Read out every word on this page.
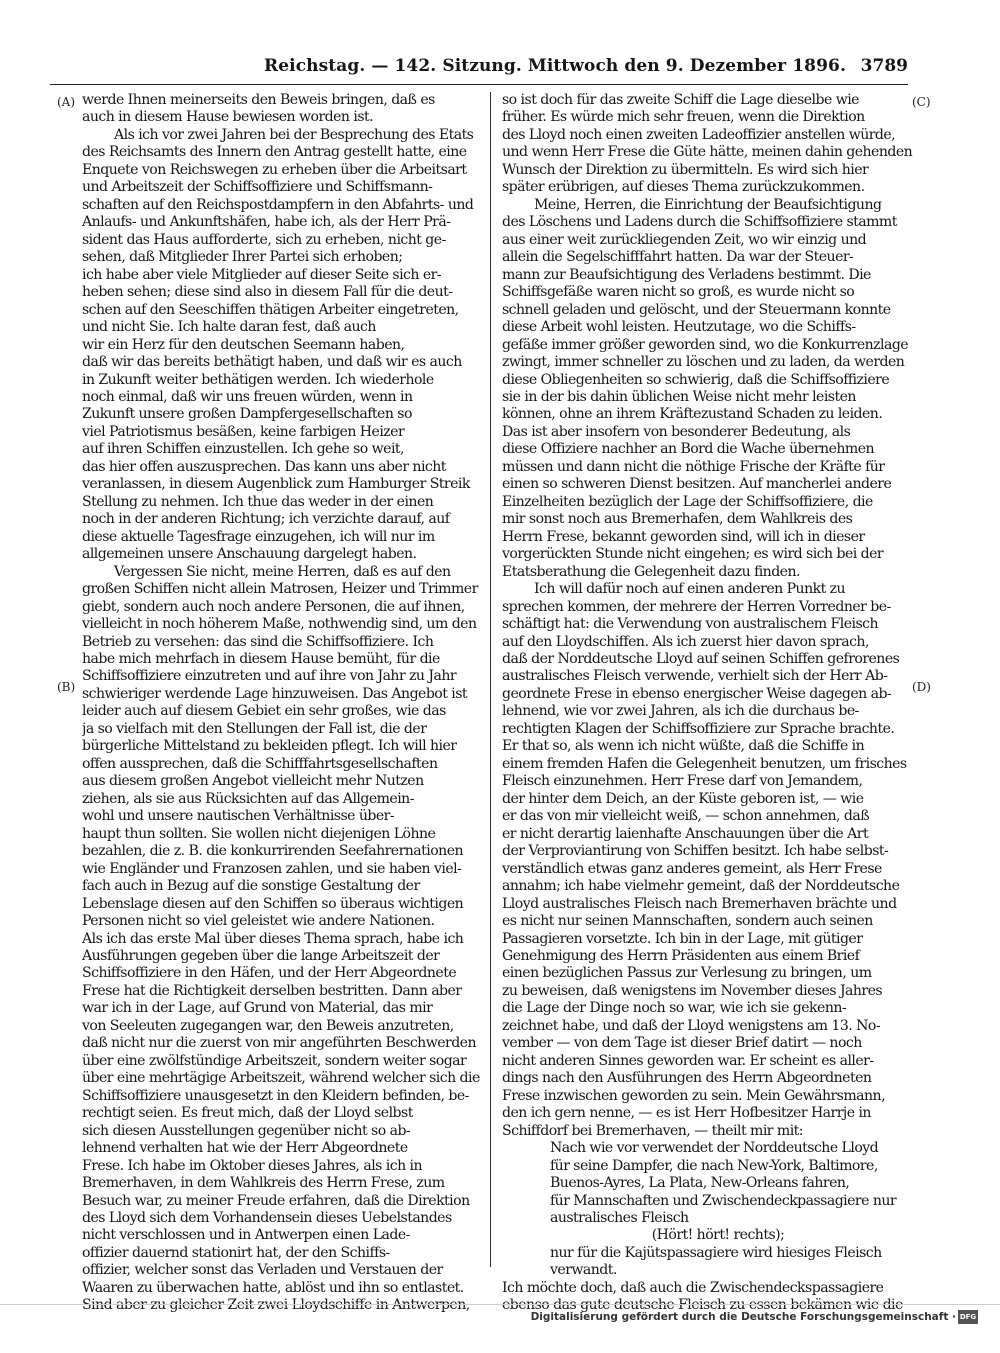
Reichstag. — 142. Sitzung. Mittwoch den 9. Dezember 1896. 3789
(A)
(B)
(C)
(D)
werde Ihnen meinerseits den Beweis bringen, daß es
auch in diesem Hause bewiesen worden ist.
Als ich vor zwei Jahren bei der Besprechung des Etats
des Reichsamts des Innern den Antrag gestellt hatte, eine
Enquete von Reichswegen zu erheben über die Arbeitsart
und Arbeitszeit der Schiffsoffiziere und Schiffsmann-
schaften auf den Reichspostdampfern in den Abfahrts- und
Anlaufs- und Ankunftshäfen, habe ich, als der Herr Prä-
sident das Haus aufforderte, sich zu erheben, nicht ge-
sehen, daß Mitglieder Ihrer Partei sich erhoben;
ich habe aber viele Mitglieder auf dieser Seite sich er-
heben sehen; diese sind also in diesem Fall für die deut-
schen auf den Seeschiffen thätigen Arbeiter eingetreten,
und nicht Sie. Ich halte daran fest, daß auch
wir ein Herz für den deutschen Seemann haben,
daß wir das bereits bethätigt haben, und daß wir es auch
in Zukunft weiter bethätigen werden. Ich wiederhole
noch einmal, daß wir uns freuen würden, wenn in
Zukunft unsere großen Dampfergesellschaften so
viel Patriotismus besäßen, keine farbigen Heizer
auf ihren Schiffen einzustellen. Ich gehe so weit,
das hier offen auszusprechen. Das kann uns aber nicht
veranlassen, in diesem Augenblick zum Hamburger Streik
Stellung zu nehmen. Ich thue das weder in der einen
noch in der anderen Richtung; ich verzichte darauf, auf
diese aktuelle Tagesfrage einzugehen, ich will nur im
allgemeinen unsere Anschauung dargelegt haben.
Vergessen Sie nicht, meine Herren, daß es auf den
großen Schiffen nicht allein Matrosen, Heizer und Trimmer
giebt, sondern auch noch andere Personen, die auf ihnen,
vielleicht in noch höherem Maße, nothwendig sind, um den
Betrieb zu versehen: das sind die Schiffsoffiziere. Ich
habe mich mehrfach in diesem Hause bemüht, für die
Schiffsoffiziere einzutreten und auf ihre von Jahr zu Jahr
schwieriger werdende Lage hinzuweisen. Das Angebot ist
leider auch auf diesem Gebiet ein sehr großes, wie das
ja so vielfach mit den Stellungen der Fall ist, die der
bürgerliche Mittelstand zu bekleiden pflegt. Ich will hier
offen aussprechen, daß die Schifffahrtsgesellschaften
aus diesem großen Angebot vielleicht mehr Nutzen
ziehen, als sie aus Rücksichten auf das Allgemein-
wohl und unsere nautischen Verhältnisse über-
haupt thun sollten. Sie wollen nicht diejenigen Löhne
bezahlen, die z. B. die konkurrirenden Seefahrernationen
wie Engländer und Franzosen zahlen, und sie haben viel-
fach auch in Bezug auf die sonstige Gestaltung der
Lebenslage diesen auf den Schiffen so überaus wichtigen
Personen nicht so viel geleistet wie andere Nationen.
Als ich das erste Mal über dieses Thema sprach, habe ich
Ausführungen gegeben über die lange Arbeitszeit der
Schiffsoffiziere in den Häfen, und der Herr Abgeordnete
Frese hat die Richtigkeit derselben bestritten. Dann aber
war ich in der Lage, auf Grund von Material, das mir
von Seeleuten zugegangen war, den Beweis anzutreten,
daß nicht nur die zuerst von mir angeführten Beschwerden
über eine zwölfstündige Arbeitszeit, sondern weiter sogar
über eine mehrtägige Arbeitszeit, während welcher sich die
Schiffsoffiziere unausgesetzt in den Kleidern befinden, be-
rechtigt seien. Es freut mich, daß der Lloyd selbst
sich diesen Ausstellungen gegenüber nicht so ab-
lehnend verhalten hat wie der Herr Abgeordnete
Frese. Ich habe im Oktober dieses Jahres, als ich in
Bremerhaven, in dem Wahlkreis des Herrn Frese, zum
Besuch war, zu meiner Freude erfahren, daß die Direktion
des Lloyd sich dem Vorhandensein dieses Uebelstandes
nicht verschlossen und in Antwerpen einen Lade-
offizier dauernd stationirt hat, der den Schiffs-
offizier, welcher sonst das Verladen und Verstauen der
Waaren zu überwachen hatte, ablöst und ihn so entlastet.
Sind aber zu gleicher Zeit zwei Lloydschiffe in Antwerpen,
so ist doch für das zweite Schiff die Lage dieselbe wie
früher. Es würde mich sehr freuen, wenn die Direktion
des Lloyd noch einen zweiten Ladeoffizier anstellen würde,
und wenn Herr Frese die Güte hätte, meinen dahin gehenden
Wunsch der Direktion zu übermitteln. Es wird sich hier
später erübrigen, auf dieses Thema zurückzukommen.
Meine, Herren, die Einrichtung der Beaufsichtigung
des Löschens und Ladens durch die Schiffsoffiziere stammt
aus einer weit zurückliegenden Zeit, wo wir einzig und
allein die Segelschifffahrt hatten. Da war der Steuer-
mann zur Beaufsichtigung des Verladens bestimmt. Die
Schiffsgefäße waren nicht so groß, es wurde nicht so
schnell geladen und gelöscht, und der Steuermann konnte
diese Arbeit wohl leisten. Heutzutage, wo die Schiffs-
gefäße immer größer geworden sind, wo die Konkurrenzlage
zwingt, immer schneller zu löschen und zu laden, da werden
diese Obliegenheiten so schwierig, daß die Schiffsoffiziere
sie in der bis dahin üblichen Weise nicht mehr leisten
können, ohne an ihrem Kräftezustand Schaden zu leiden.
Das ist aber insofern von besonderer Bedeutung, als
diese Offiziere nachher an Bord die Wache übernehmen
müssen und dann nicht die nöthige Frische der Kräfte für
einen so schweren Dienst besitzen. Auf mancherlei andere
Einzelheiten bezüglich der Lage der Schiffsoffiziere, die
mir sonst noch aus Bremerhafen, dem Wahlkreis des
Herrn Frese, bekannt geworden sind, will ich in dieser
vorgerückten Stunde nicht eingehen; es wird sich bei der
Etatsberathung die Gelegenheit dazu finden.
Ich will dafür noch auf einen anderen Punkt zu
sprechen kommen, der mehrere der Herren Vorredner be-
schäftigt hat: die Verwendung von australischem Fleisch
auf den Lloydschiffen. Als ich zuerst hier davon sprach,
daß der Norddeutsche Lloyd auf seinen Schiffen gefrorenes
australisches Fleisch verwende, verhielt sich der Herr Ab-
geordnete Frese in ebenso energischer Weise dagegen ab-
lehnend, wie vor zwei Jahren, als ich die durchaus be-
rechtigten Klagen der Schiffsoffiziere zur Sprache brachte.
Er that so, als wenn ich nicht wüßte, daß die Schiffe in
einem fremden Hafen die Gelegenheit benutzen, um frisches
Fleisch einzunehmen. Herr Frese darf von Jemandem,
der hinter dem Deich, an der Küste geboren ist, — wie
er das von mir vielleicht weiß, — schon annehmen, daß
er nicht derartig laienhafte Anschauungen über die Art
der Verproviantirung von Schiffen besitzt. Ich habe selbst-
verständlich etwas ganz anderes gemeint, als Herr Frese
annahm; ich habe vielmehr gemeint, daß der Norddeutsche
Lloyd australisches Fleisch nach Bremerhaven brächte und
es nicht nur seinen Mannschaften, sondern auch seinen
Passagieren vorsetzte. Ich bin in der Lage, mit gütiger
Genehmigung des Herrn Präsidenten aus einem Brief
einen bezüglichen Passus zur Verlesung zu bringen, um
zu beweisen, daß wenigstens im November dieses Jahres
die Lage der Dinge noch so war, wie ich sie gekenn-
zeichnet habe, und daß der Lloyd wenigstens am 13. No-
vember — von dem Tage ist dieser Brief datirt — noch
nicht anderen Sinnes geworden war. Er scheint es aller-
dings nach den Ausführungen des Herrn Abgeordneten
Frese inzwischen geworden zu sein. Mein Gewährsmann,
den ich gern nenne, — es ist Herr Hofbesitzer Harrje in
Schiffdorf bei Bremerhaven, — theilt mir mit:
Nach wie vor verwendet der Norddeutsche Lloyd
für seine Dampfer, die nach New-York, Baltimore,
Buenos-Ayres, La Plata, New-Orleans fahren,
für Mannschaften und Zwischendeckpassagiere nur
australisches Fleisch
(Hört! hört! rechts);
nur für die Kajütspassagiere wird hiesiges Fleisch
verwandt.
Ich möchte doch, daß auch die Zwischendeckspassagiere
ebenso das gute deutsche Fleisch zu essen bekämen wie die
Digitalisierung gefördert durch die Deutsche Forschungsgemeinschaft · DFG
